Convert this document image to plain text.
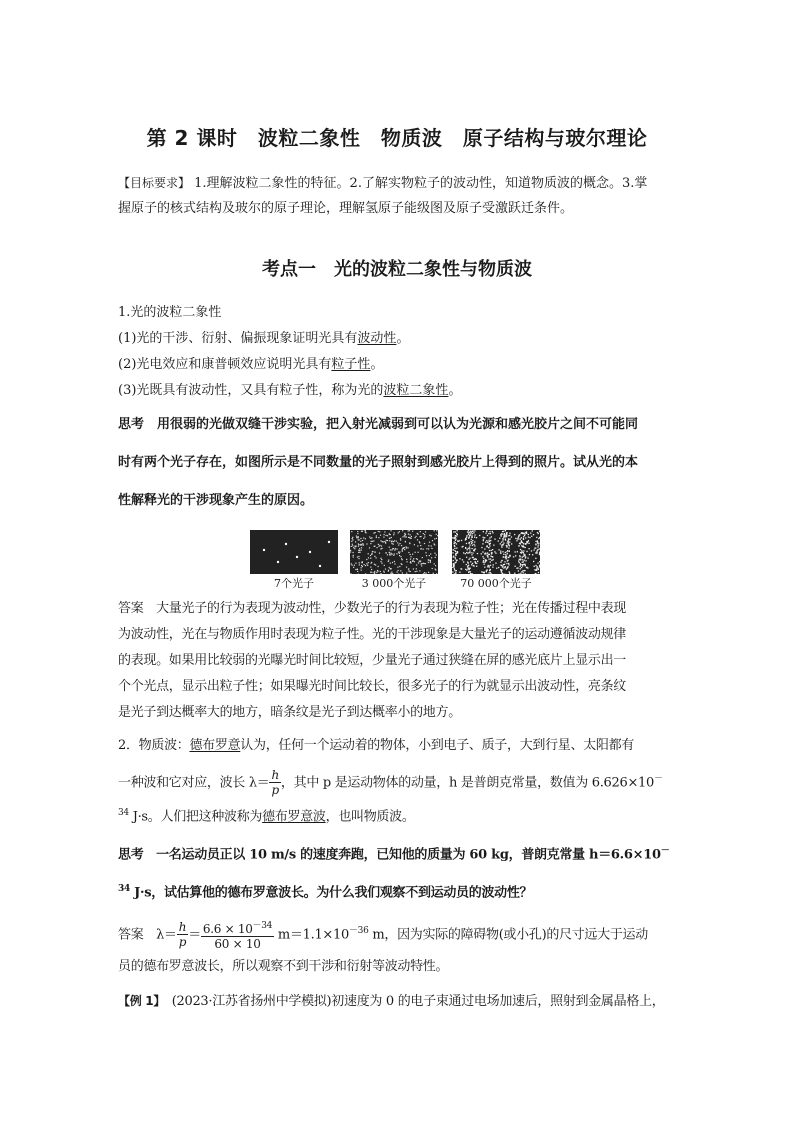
第 2 课时　波粒二象性　物质波　原子结构与玻尔理论
【目标要求】 1.理解波粒二象性的特征。2.了解实物粒子的波动性，知道物质波的概念。3.掌
握原子的核式结构及玻尔的原子理论，理解氢原子能级图及原子受激跃迁条件。
考点一　光的波粒二象性与物质波
1.光的波粒二象性
(1)光的干涉、衍射、偏振现象证明光具有波动性。
(2)光电效应和康普顿效应说明光具有粒子性。
(3)光既具有波动性，又具有粒子性，称为光的波粒二象性。
思考　用很弱的光做双缝干涉实验，把入射光减弱到可以认为光源和感光胶片之间不可能同
时有两个光子存在，如图所示是不同数量的光子照射到感光胶片上得到的照片。试从光的本
性解释光的干涉现象产生的原因。
7个光子	3 000个光子	70 000个光子
答案　大量光子的行为表现为波动性，少数光子的行为表现为粒子性；光在传播过程中表现
为波动性，光在与物质作用时表现为粒子性。光的干涉现象是大量光子的运动遵循波动规律
的表现。如果用比较弱的光曝光时间比较短，少量光子通过狭缝在屏的感光底片上显示出一
个个光点，显示出粒子性；如果曝光时间比较长，很多光子的行为就显示出波动性，亮条纹
是光子到达概率大的地方，暗条纹是光子到达概率小的地方。
2．物质波：德布罗意认为，任何一个运动着的物体，小到电子、质子，大到行星、太阳都有
一种波和它对应，波长 $\lambda= \frac{h}{p}$ ，其中 p 是运动物体的动量，h 是普朗克常量，数值为 6.626×10－
$^{34}$ J·s。人们把这种波称为德布罗意波，也叫物质波。
思考　一名运动员正以 10 m/s 的速度奔跑，已知他的质量为 60 kg，普朗克常量 h＝6.6×10－
$^{34}$ J·s，试估算他的德布罗意波长。为什么我们观察不到运动员的波动性？
答案　$\lambda= \frac{h}{p} = \frac{6.6 \times 10^{-34}}{60 \times 10} m=1.1\times 10^{-36}$ m，因为实际的障碍物(或小孔)的尺寸远大于运动
员的德布罗意波长，所以观察不到干涉和衍射等波动特性。
【例 1】　(2023·江苏省扬州中学模拟)初速度为 0 的电子束通过电场加速后，照射到金属晶格上，
